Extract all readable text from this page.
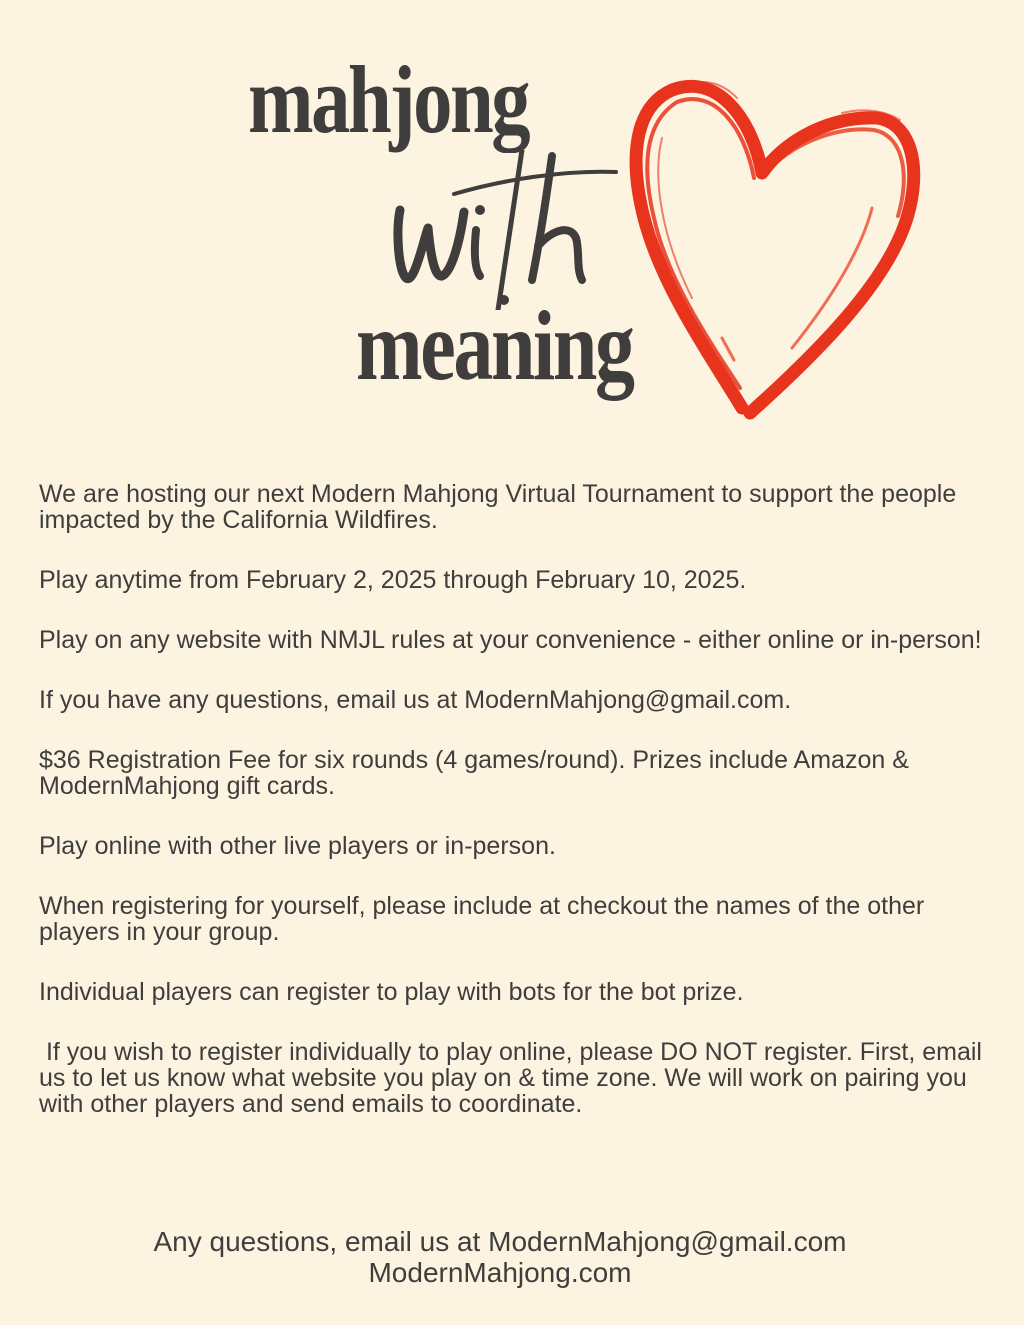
mahjong
meaning

We are hosting our next Modern Mahjong Virtual Tournament to support the people impacted by the California Wildfires.

Play anytime from February 2, 2025 through February 10, 2025.

Play on any website with NMJL rules at your convenience - either online or in-person!

If you have any questions, email us at ModernMahjong@gmail.com.

$36 Registration Fee for six rounds (4 games/round). Prizes include Amazon & ModernMahjong gift cards.

Play online with other live players or in-person.

When registering for yourself, please include at checkout the names of the other players in your group.

Individual players can register to play with bots for the bot prize.

If you wish to register individually to play online, please DO NOT register. First, email us to let us know what website you play on & time zone. We will work on pairing you with other players and send emails to coordinate.

Any questions, email us at ModernMahjong@gmail.com
ModernMahjong.com
